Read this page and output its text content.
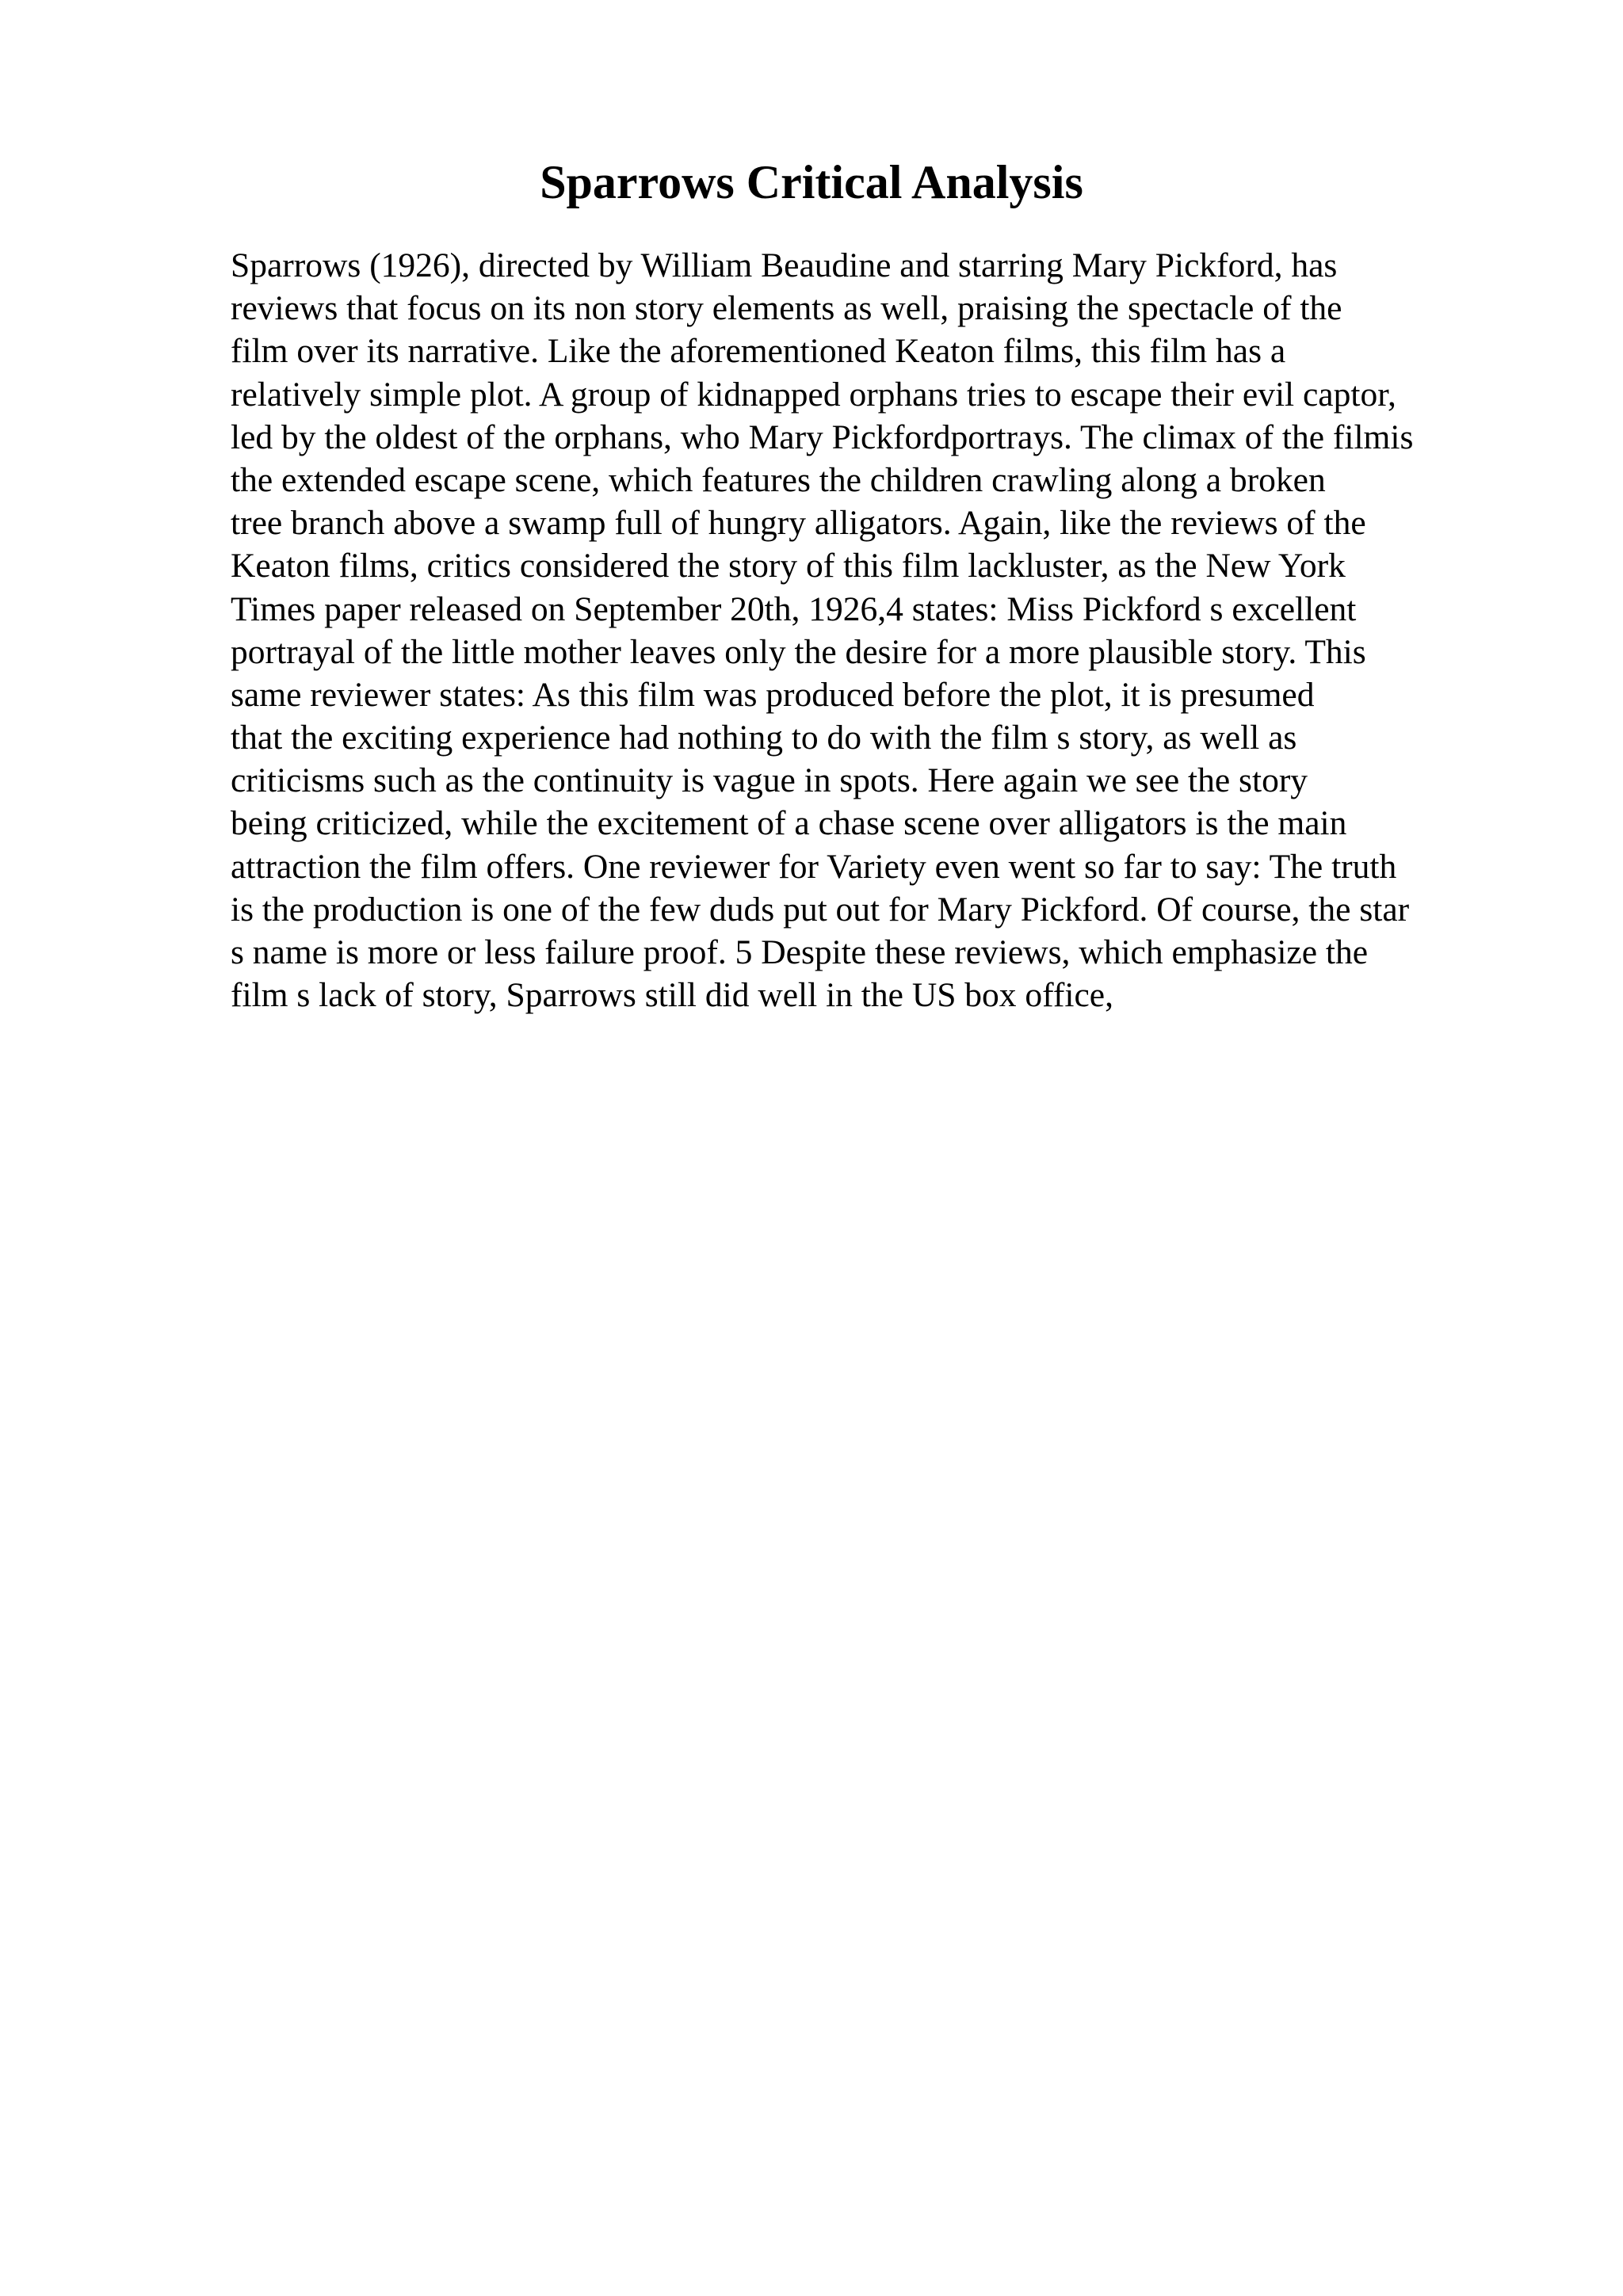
Sparrows Critical Analysis
Sparrows (1926), directed by William Beaudine and starring Mary Pickford, has
reviews that focus on its non story elements as well, praising the spectacle of the
film over its narrative. Like the aforementioned Keaton films, this film has a
relatively simple plot. A group of kidnapped orphans tries to escape their evil captor,
led by the oldest of the orphans, who Mary Pickfordportrays. The climax of the filmis
the extended escape scene, which features the children crawling along a broken
tree branch above a swamp full of hungry alligators. Again, like the reviews of the
Keaton films, critics considered the story of this film lackluster, as the New York
Times paper released on September 20th, 1926,4 states: Miss Pickford s excellent
portrayal of the little mother leaves only the desire for a more plausible story. This
same reviewer states: As this film was produced before the plot, it is presumed
that the exciting experience had nothing to do with the film s story, as well as
criticisms such as the continuity is vague in spots. Here again we see the story
being criticized, while the excitement of a chase scene over alligators is the main
attraction the film offers. One reviewer for Variety even went so far to say: The truth
is the production is one of the few duds put out for Mary Pickford. Of course, the star
s name is more or less failure proof. 5 Despite these reviews, which emphasize the
film s lack of story, Sparrows still did well in the US box office,
